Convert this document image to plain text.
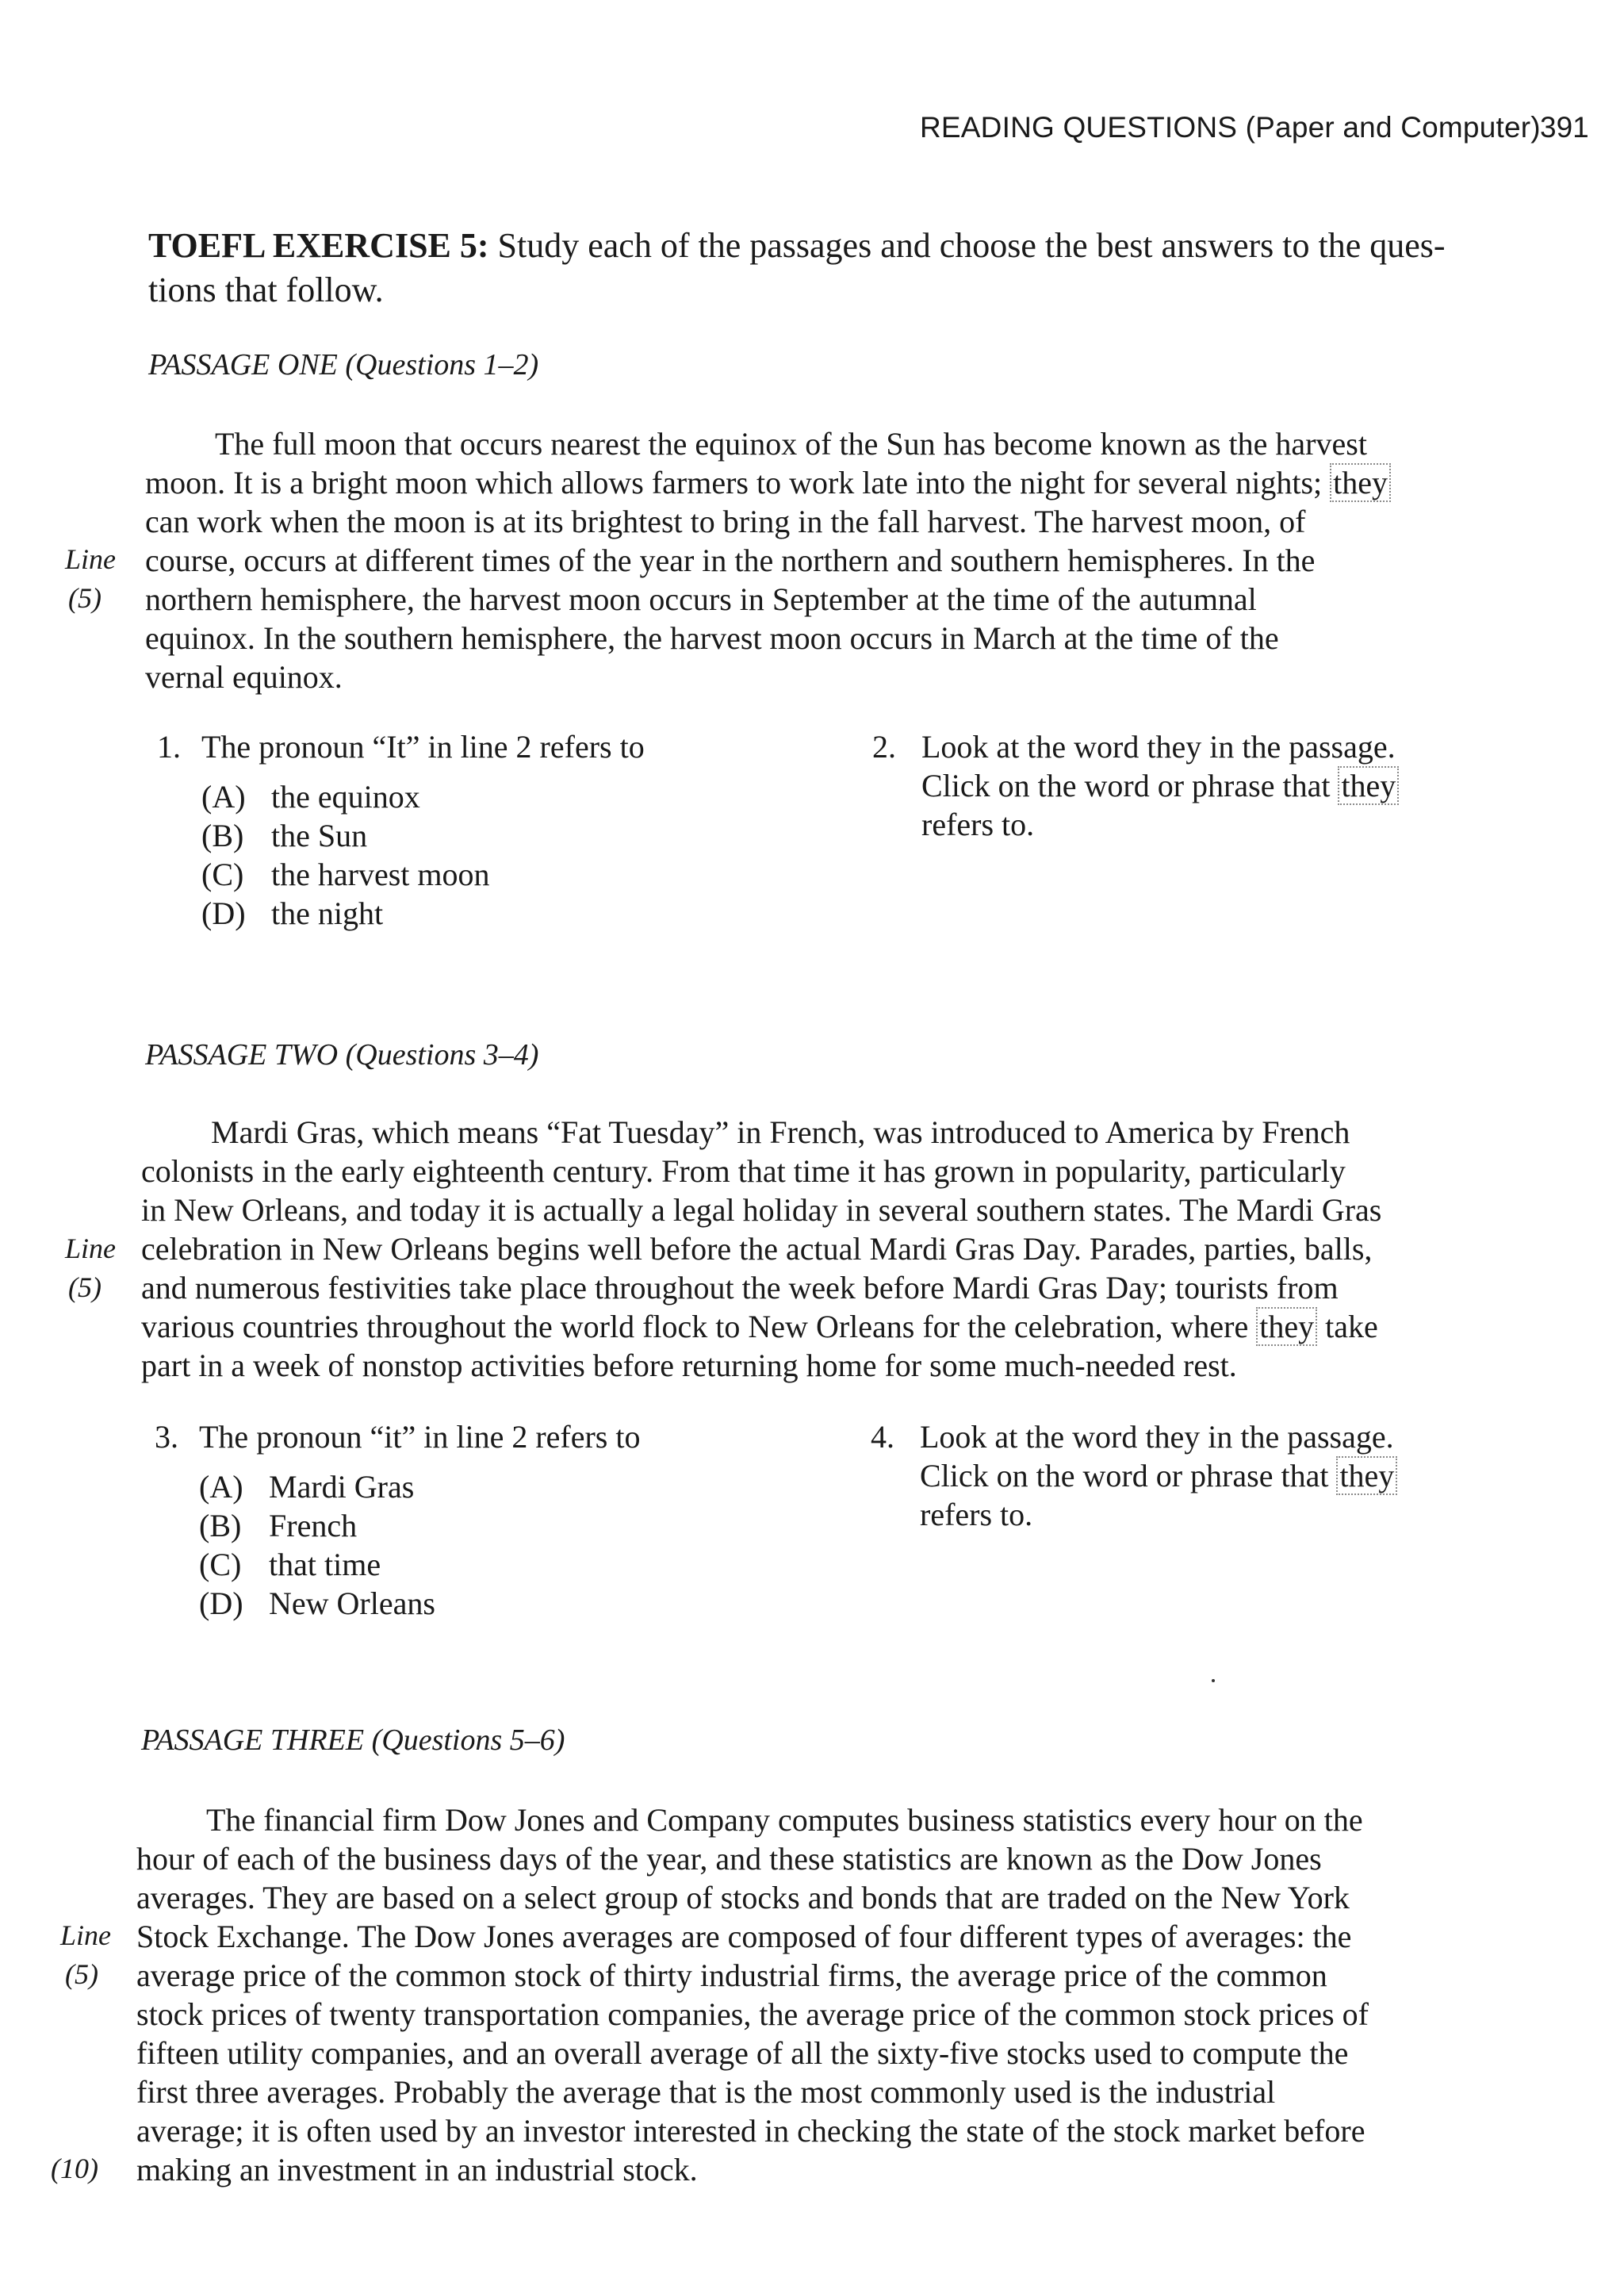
READING QUESTIONS (Paper and Computer) 391
TOEFL EXERCISE 5: Study each of the passages and choose the best answers to the ques-
tions that follow.
PASSAGE ONE (Questions 1–2)
The full moon that occurs nearest the equinox of the Sun has become known as the harvest
moon. It is a bright moon which allows farmers to work late into the night for several nights; they
can work when the moon is at its brightest to bring in the fall harvest. The harvest moon, of
course, occurs at different times of the year in the northern and southern hemispheres. In the
northern hemisphere, the harvest moon occurs in September at the time of the autumnal
equinox. In the southern hemisphere, the harvest moon occurs in March at the time of the
vernal equinox.
Line
(5)
1. The pronoun “It” in line 2 refers to
(A) the equinox
(B) the Sun
(C) the harvest moon
(D) the night
2. Look at the word they in the passage.
Click on the word or phrase that they
refers to.
PASSAGE TWO (Questions 3–4)
Mardi Gras, which means “Fat Tuesday” in French, was introduced to America by French
colonists in the early eighteenth century. From that time it has grown in popularity, particularly
in New Orleans, and today it is actually a legal holiday in several southern states. The Mardi Gras
celebration in New Orleans begins well before the actual Mardi Gras Day. Parades, parties, balls,
and numerous festivities take place throughout the week before Mardi Gras Day; tourists from
various countries throughout the world flock to New Orleans for the celebration, where they take
part in a week of nonstop activities before returning home for some much-needed rest.
Line
(5)
3. The pronoun “it” in line 2 refers to
(A) Mardi Gras
(B) French
(C) that time
(D) New Orleans
4. Look at the word they in the passage.
Click on the word or phrase that they
refers to.
PASSAGE THREE (Questions 5–6)
The financial firm Dow Jones and Company computes business statistics every hour on the
hour of each of the business days of the year, and these statistics are known as the Dow Jones
averages. They are based on a select group of stocks and bonds that are traded on the New York
Stock Exchange. The Dow Jones averages are composed of four different types of averages: the
average price of the common stock of thirty industrial firms, the average price of the common
stock prices of twenty transportation companies, the average price of the common stock prices of
fifteen utility companies, and an overall average of all the sixty-five stocks used to compute the
first three averages. Probably the average that is the most commonly used is the industrial
average; it is often used by an investor interested in checking the state of the stock market before
making an investment in an industrial stock.
Line
(5)
(10)
